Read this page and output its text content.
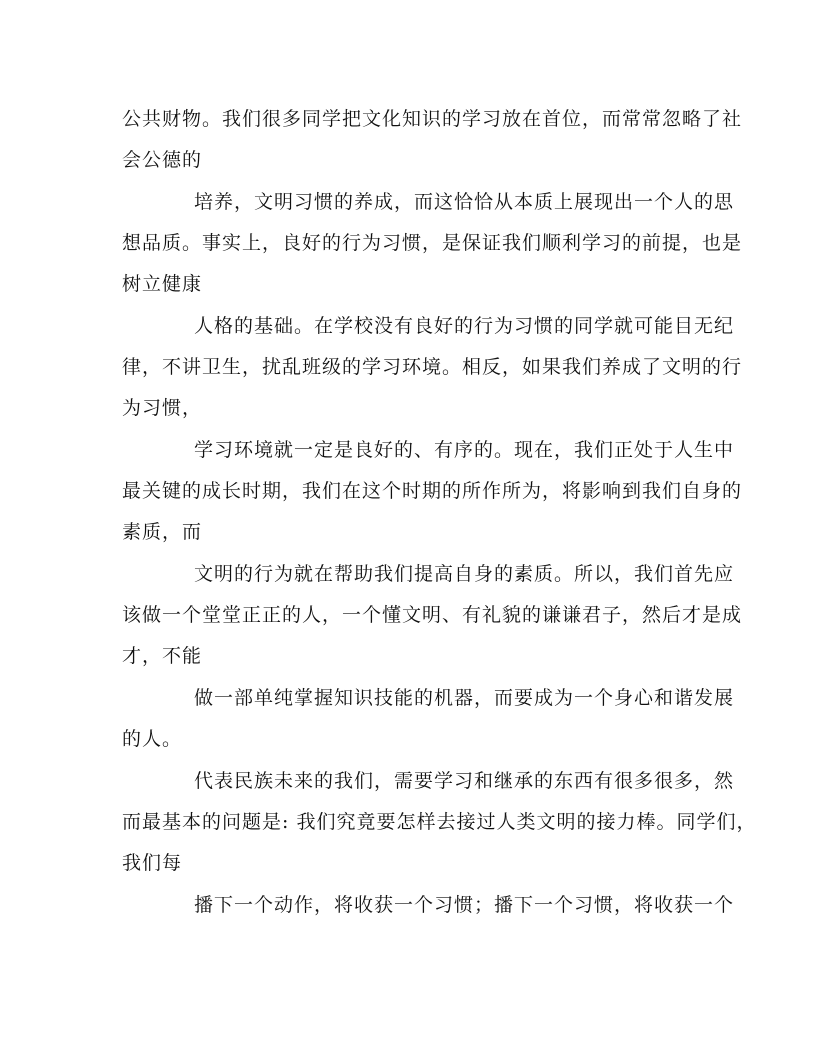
公共财物。我们很多同学把文化知识的学习放在首位，而常常忽略了社
会公德的
培养，文明习惯的养成，而这恰恰从本质上展现出一个人的思
想品质。事实上，良好的行为习惯，是保证我们顺利学习的前提，也是
树立健康
人格的基础。在学校没有良好的行为习惯的同学就可能目无纪
律，不讲卫生，扰乱班级的学习环境。相反，如果我们养成了文明的行
为习惯，
学习环境就一定是良好的、有序的。现在，我们正处于人生中
最关键的成长时期，我们在这个时期的所作所为，将影响到我们自身的
素质，而
文明的行为就在帮助我们提高自身的素质。所以，我们首先应
该做一个堂堂正正的人，一个懂文明、有礼貌的谦谦君子，然后才是成
才，不能
做一部单纯掌握知识技能的机器，而要成为一个身心和谐发展
的人。
代表民族未来的我们，需要学习和继承的东西有很多很多，然
而最基本的问题是: 我们究竟要怎样去接过人类文明的接力棒。同学们，
我们每
播下一个动作，将收获一个习惯；播下一个习惯，将收获一个
